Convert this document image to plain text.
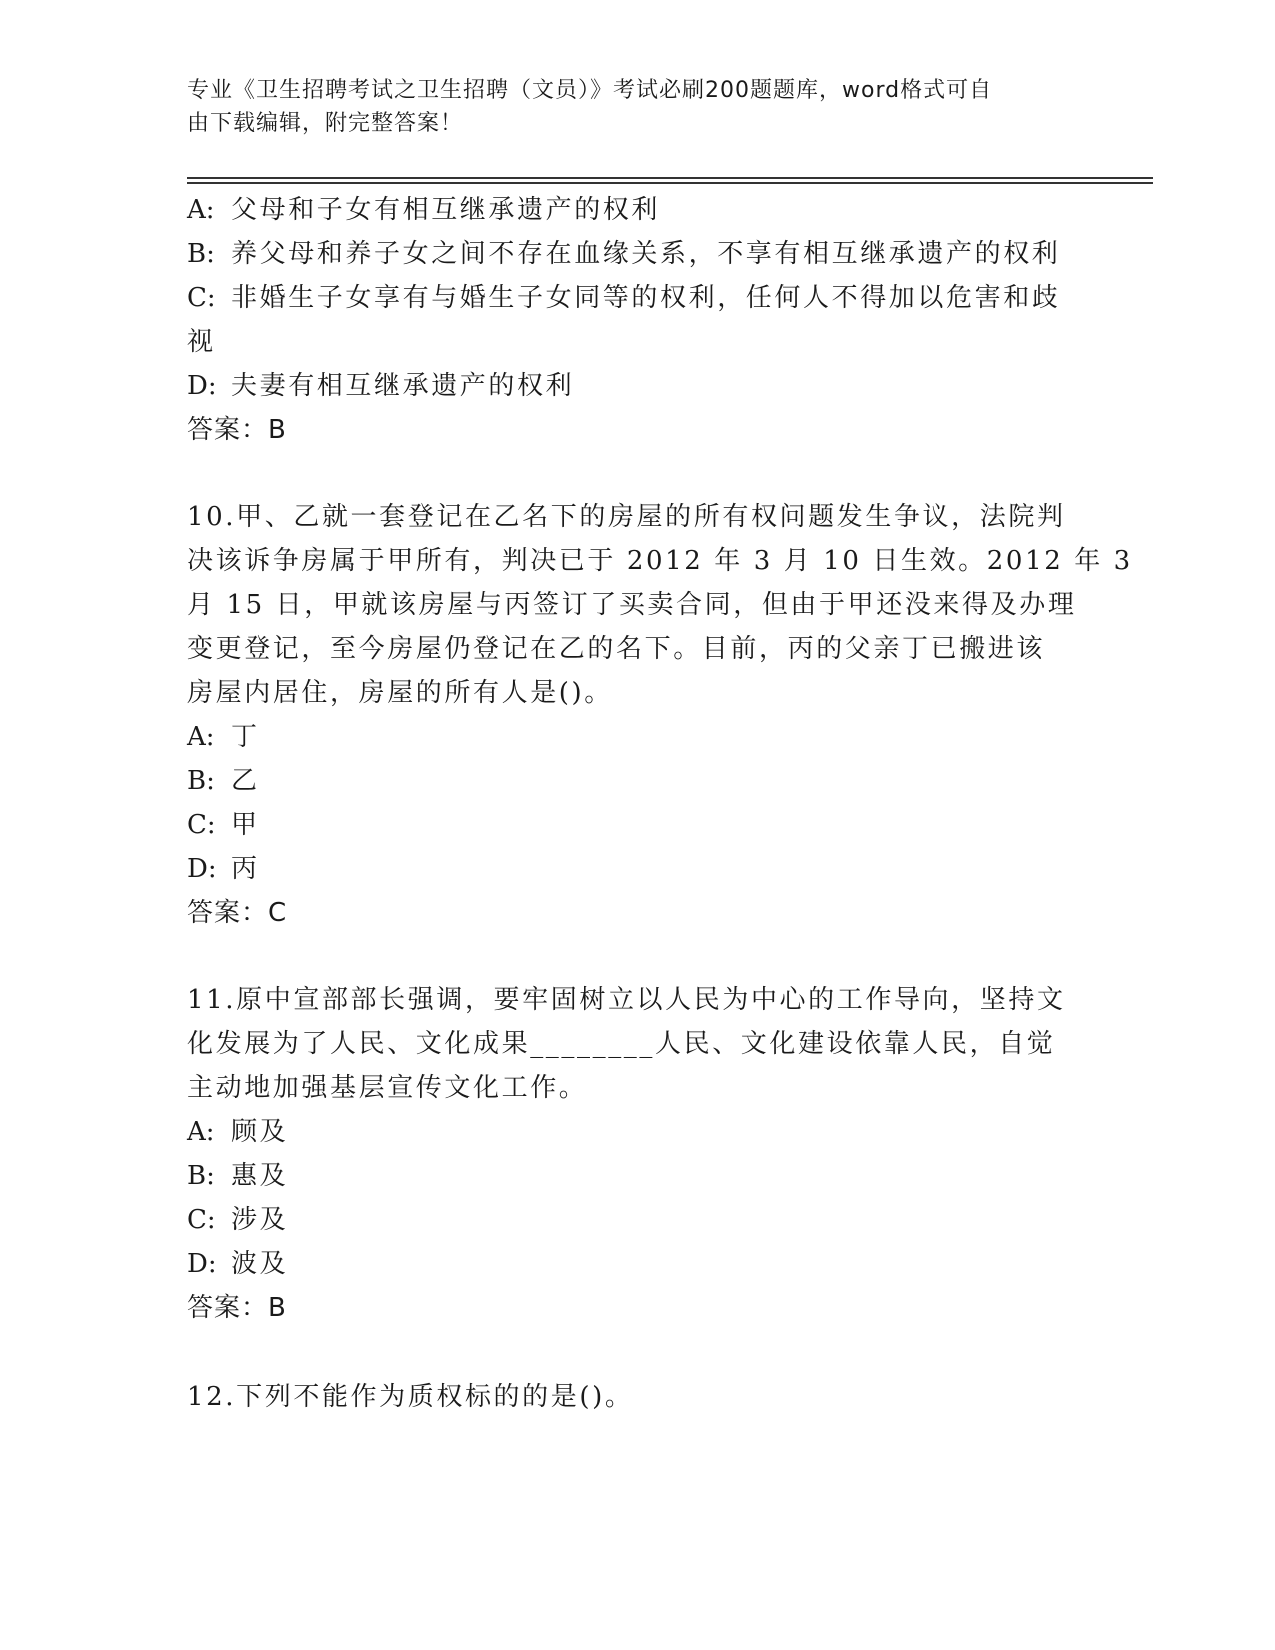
专业《卫生招聘考试之卫生招聘（文员）》考试必刷200题题库，word格式可自
由下载编辑，附完整答案！
A: 父母和子女有相互继承遗产的权利
B: 养父母和养子女之间不存在血缘关系，不享有相互继承遗产的权利
C: 非婚生子女享有与婚生子女同等的权利，任何人不得加以危害和歧
视
D: 夫妻有相互继承遗产的权利
答案：B
10.甲、乙就一套登记在乙名下的房屋的所有权问题发生争议，法院判
决该诉争房属于甲所有，判决已于 2012 年 3 月 10 日生效。2012 年 3
月 15 日，甲就该房屋与丙签订了买卖合同，但由于甲还没来得及办理
变更登记，至今房屋仍登记在乙的名下。目前，丙的父亲丁已搬进该
房屋内居住，房屋的所有人是()。
A: 丁
B: 乙
C: 甲
D: 丙
答案：C
11.原中宣部部长强调，要牢固树立以人民为中心的工作导向，坚持文
化发展为了人民、文化成果________人民、文化建设依靠人民，自觉
主动地加强基层宣传文化工作。
A: 顾及
B: 惠及
C: 涉及
D: 波及
答案：B
12.下列不能作为质权标的的是()。
